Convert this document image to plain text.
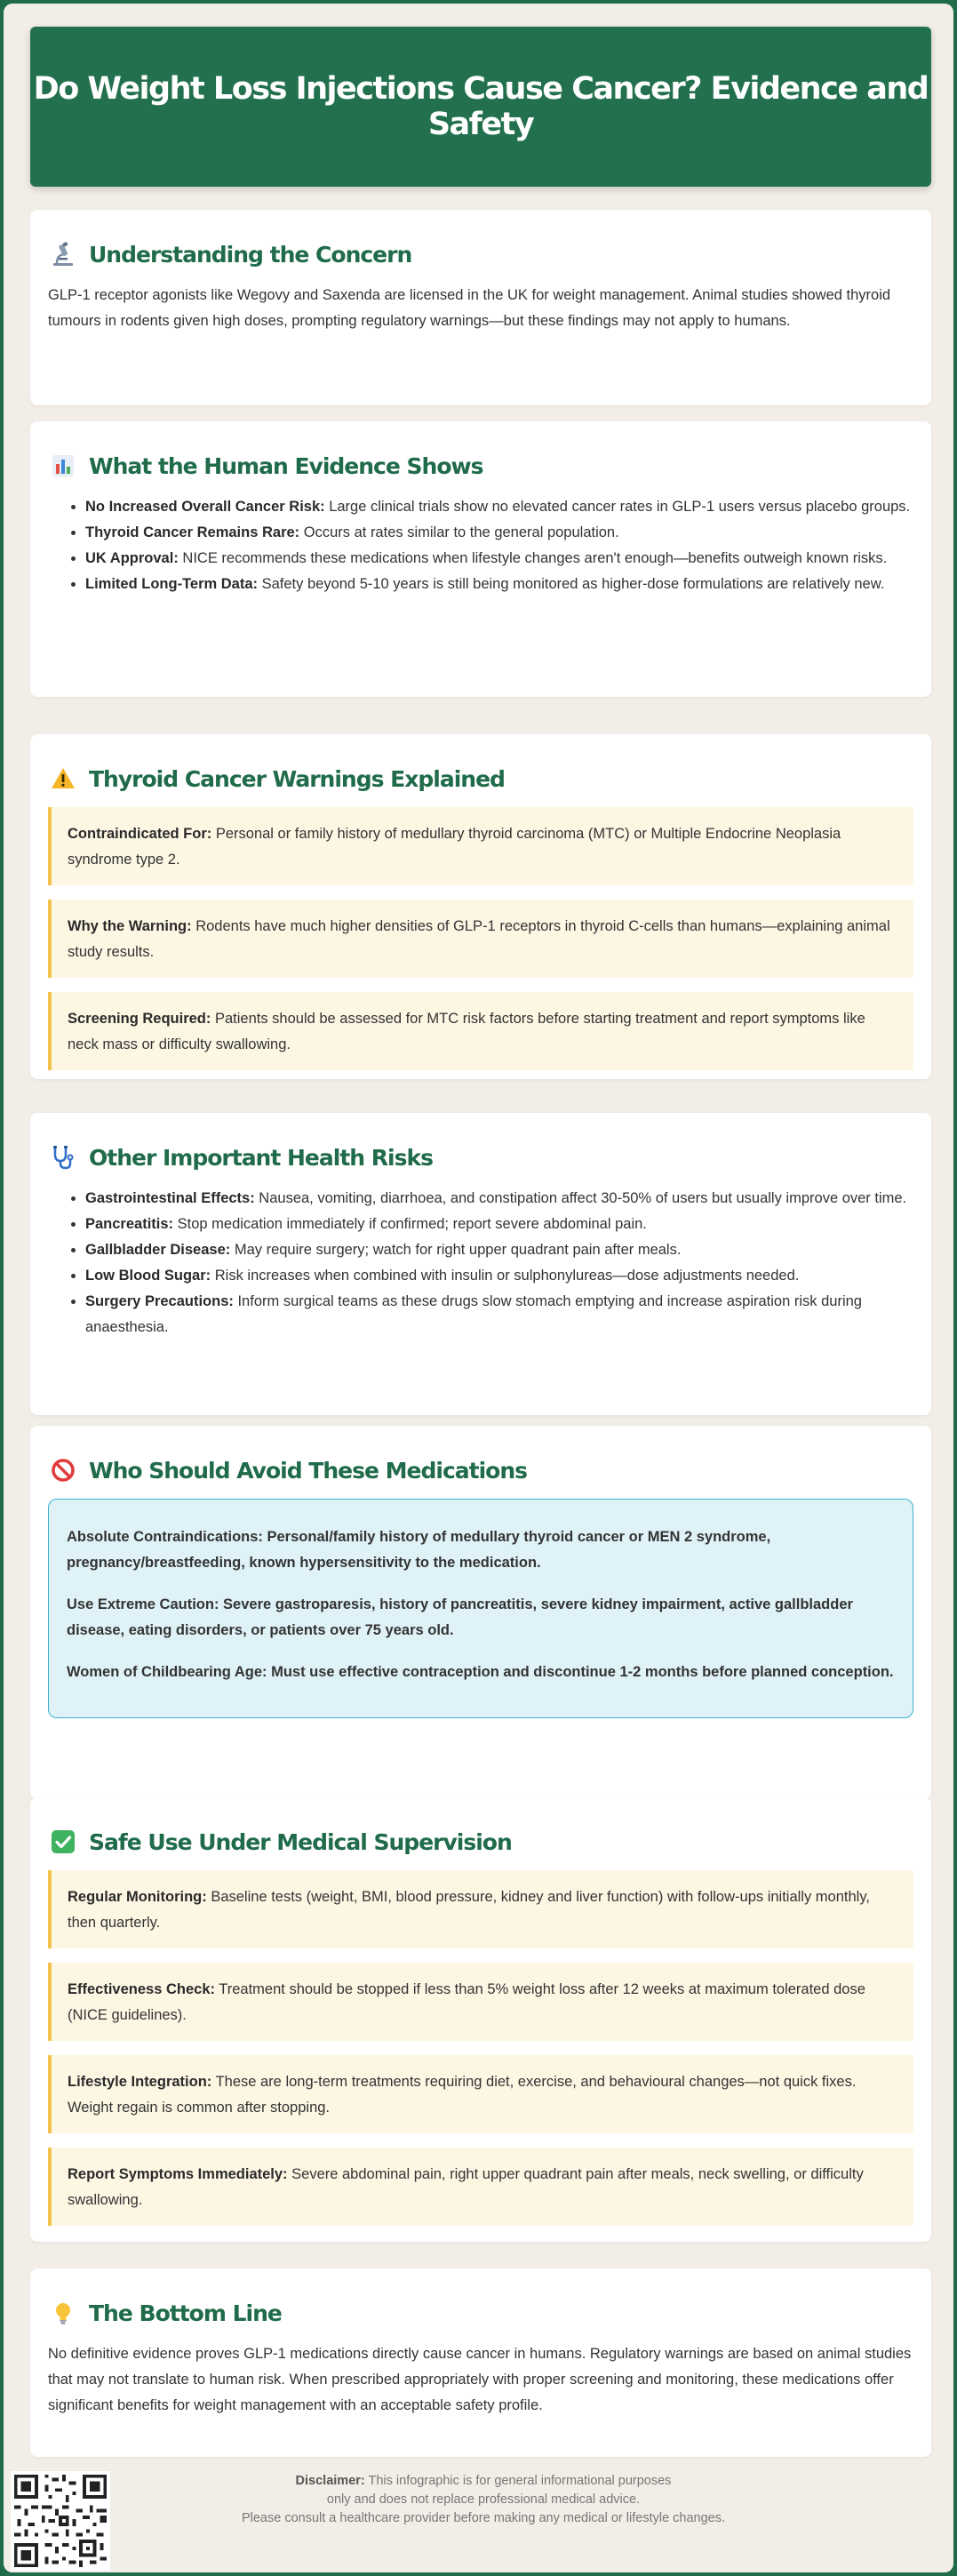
Do Weight Loss Injections Cause Cancer? Evidence and Safety
Understanding the Concern

GLP-1 receptor agonists like Wegovy and Saxenda are licensed in the UK for weight management. Animal studies showed thyroid tumours in rodents given high doses, prompting regulatory warnings—but these findings may not apply to humans.

What the Human Evidence Shows
• No Increased Overall Cancer Risk: Large clinical trials show no elevated cancer rates in GLP-1 users versus placebo groups.
• Thyroid Cancer Remains Rare: Occurs at rates similar to the general population.
• UK Approval: NICE recommends these medications when lifestyle changes aren't enough—benefits outweigh known risks.
• Limited Long-Term Data: Safety beyond 5-10 years is still being monitored as higher-dose formulations are relatively new.
Thyroid Cancer Warnings Explained
Contraindicated For: Personal or family history of medullary thyroid carcinoma (MTC) or Multiple Endocrine Neoplasia syndrome type 2.
Why the Warning: Rodents have much higher densities of GLP-1 receptors in thyroid C-cells than humans—explaining animal study results.
Screening Required: Patients should be assessed for MTC risk factors before starting treatment and report symptoms like neck mass or difficulty swallowing.
Other Important Health Risks
• Gastrointestinal Effects: Nausea, vomiting, diarrhoea, and constipation affect 30-50% of users but usually improve over time.
• Pancreatitis: Stop medication immediately if confirmed; report severe abdominal pain.
• Gallbladder Disease: May require surgery; watch for right upper quadrant pain after meals.
• Low Blood Sugar: Risk increases when combined with insulin or sulphonylureas—dose adjustments needed.
• Surgery Precautions: Inform surgical teams as these drugs slow stomach emptying and increase aspiration risk during anaesthesia.
Who Should Avoid These Medications

Absolute Contraindications: Personal/family history of medullary thyroid cancer or MEN 2 syndrome, pregnancy/breastfeeding, known hypersensitivity to the medication.

Use Extreme Caution: Severe gastroparesis, history of pancreatitis, severe kidney impairment, active gallbladder disease, eating disorders, or patients over 75 years old.

Women of Childbearing Age: Must use effective contraception and discontinue 1-2 months before planned conception.

Safe Use Under Medical Supervision
Regular Monitoring: Baseline tests (weight, BMI, blood pressure, kidney and liver function) with follow-ups initially monthly, then quarterly.
Effectiveness Check: Treatment should be stopped if less than 5% weight loss after 12 weeks at maximum tolerated dose (NICE guidelines).
Lifestyle Integration: These are long-term treatments requiring diet, exercise, and behavioural changes—not quick fixes. Weight regain is common after stopping.
Report Symptoms Immediately: Severe abdominal pain, right upper quadrant pain after meals, neck swelling, or difficulty swallowing.
The Bottom Line

No definitive evidence proves GLP-1 medications directly cause cancer in humans. Regulatory warnings are based on animal studies that may not translate to human risk. When prescribed appropriately with proper screening and monitoring, these medications offer significant benefits for weight management with an acceptable safety profile.

Disclaimer: This infographic is for general informational purposes
only and does not replace professional medical advice.
Please consult a healthcare provider before making any medical or lifestyle changes.
